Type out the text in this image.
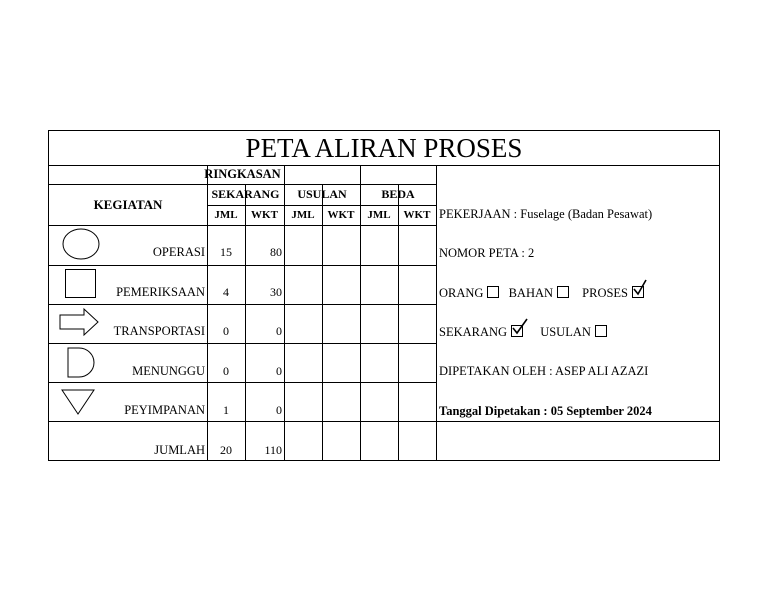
PETA ALIRAN PROSES
RINGKASAN
KEGIATAN
SEKARANG	USULAN	BEDA
JML	WKT	JML	WKT	JML	WKT
OPERASI	15	80
PEMERIKSAAN	4	30
TRANSPORTASI	0	0
MENUNGGU	0	0
PEYIMPANAN	1	0
JUMLAH	20	110
PEKERJAAN : Fuselage (Badan Pesawat)
NOMOR PETA : 2
ORANG BAHAN PROSES
SEKARANG	USULAN
DIPETAKAN OLEH : ASEP ALI AZAZI
Tanggal Dipetakan : 05 September 2024
